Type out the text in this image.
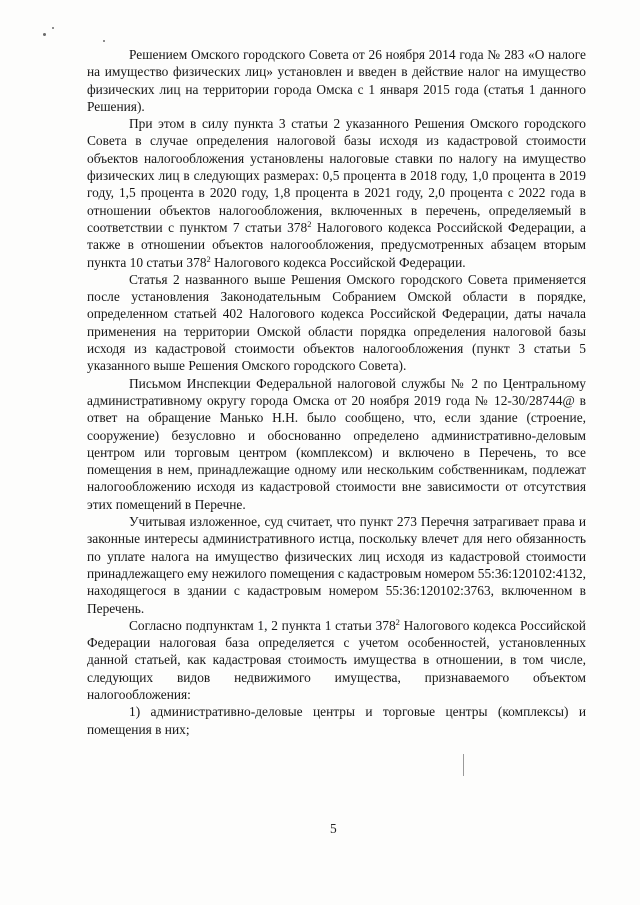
Решением Омского городского Совета от 26 ноября 2014 года № 283 «О налоге на имущество физических лиц» установлен и введен в действие налог на имущество физических лиц на территории города Омска с 1 января 2015 года (статья 1 данного Решения).

При этом в силу пункта 3 статьи 2 указанного Решения Омского городского Совета в случае определения налоговой базы исходя из кадастровой стоимости объектов налогообложения установлены налоговые ставки по налогу на имущество физических лиц в следующих размерах: 0,5 процента в 2018 году, 1,0 процента в 2019 году, 1,5 процента в 2020 году, 1,8 процента в 2021 году, 2,0 процента с 2022 года в отношении объектов налогообложения, включенных в перечень, определяемый в соответствии с пунктом 7 статьи $378^2$ Налогового кодекса Российской Федерации, а также в отношении объектов налогообложения, предусмотренных абзацем вторым пункта 10 статьи $378^2$ Налогового кодекса Российской Федерации.

Статья 2 названного выше Решения Омского городского Совета применяется после установления Законодательным Собранием Омской области в порядке, определенном статьей 402 Налогового кодекса Российской Федерации, даты начала применения на территории Омской области порядка определения налоговой базы исходя из кадастровой стоимости объектов налогообложения (пункт 3 статьи 5 указанного выше Решения Омского городского Совета).

Письмом Инспекции Федеральной налоговой службы № 2 по Центральному административному округу города Омска от 20 ноября 2019 года № 12-30/28744@ в ответ на обращение Манько Н.Н. было сообщено, что, если здание (строение, сооружение) безусловно и обоснованно определено административно-деловым центром или торговым центром (комплексом) и включено в Перечень, то все помещения в нем, принадлежащие одному или нескольким собственникам, подлежат налогообложению исходя из кадастровой стоимости вне зависимости от отсутствия этих помещений в Перечне.

Учитывая изложенное, суд считает, что пункт 273 Перечня затрагивает права и законные интересы административного истца, поскольку влечет для него обязанность по уплате налога на имущество физических лиц исходя из кадастровой стоимости принадлежащего ему нежилого помещения с кадастровым номером 55:36:120102:4132, находящегося в здании с кадастровым номером 55:36:120102:3763, включенном в Перечень.

Согласно подпунктам 1, 2 пункта 1 статьи $378^2$ Налогового кодекса Российской Федерации налоговая база определяется с учетом особенностей, установленных данной статьей, как кадастровая стоимость имущества в отношении, в том числе, следующих видов недвижимого имущества, признаваемого объектом налогообложения:

1) административно-деловые центры и торговые центры (комплексы) и помещения в них;

5
